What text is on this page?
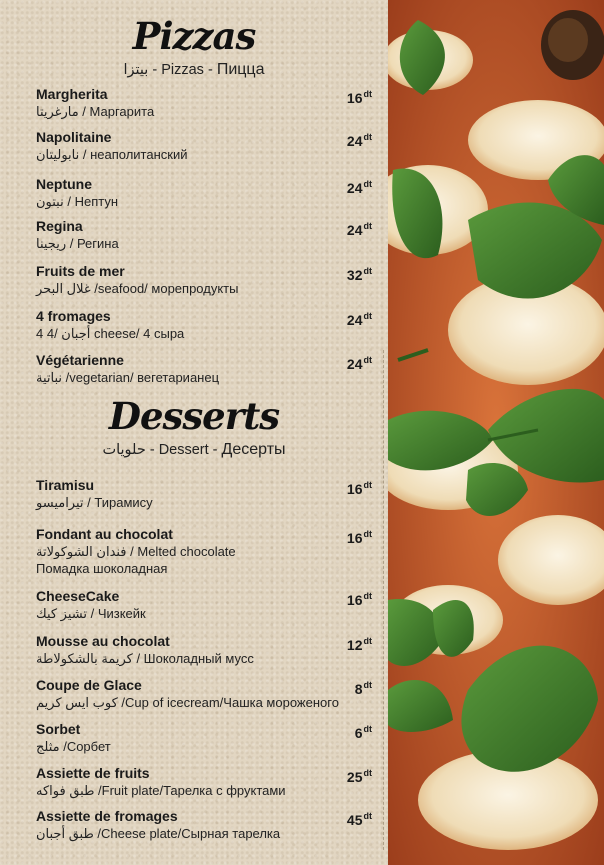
Pizzas
بيتزا - Pizzas - Пицца
Margherita
مارغريتا / Маргарита
$16^{dt}$
Napolitaine
نابوليتان / неаполитанский
$24^{dt}$
Neptune
نبتون / Нептун
$24^{dt}$
Regina
ريجينا / Регина
$24^{dt}$
Fruits de mer
غلال البحر /seafood/ морепродукты
$32^{dt}$
4 fromages
4 أجبان /4 cheese/ 4 сыра
$24^{dt}$
Végétarienne
نباتية /vegetarian/ вегетарианец
$24^{dt}$
Desserts
حلويات - Dessert - Десерты
Tiramisu
تيراميسو / Тирамису
$16^{dt}$
Fondant au chocolat
فندان الشوكولاتة / Melted chocolate
Помадка шоколадная
$16^{dt}$
CheeseCake
تشيز كيك / Чизкейк
$16^{dt}$
Mousse au chocolat
كريمة بالشكولاطة / Шоколадный мусс
$12^{dt}$
Coupe de Glace
كوب ايس كريم /Cup of icecream/Чашка мороженого
$8^{dt}$
Sorbet
مثلج /Сорбет
$6^{dt}$
Assiette de fruits
طبق فواكه /Fruit plate/Тарелка с фруктами
$25^{dt}$
Assiette de fromages
طبق أجبان /Cheese plate/Сырная тарелка
$45^{dt}$
